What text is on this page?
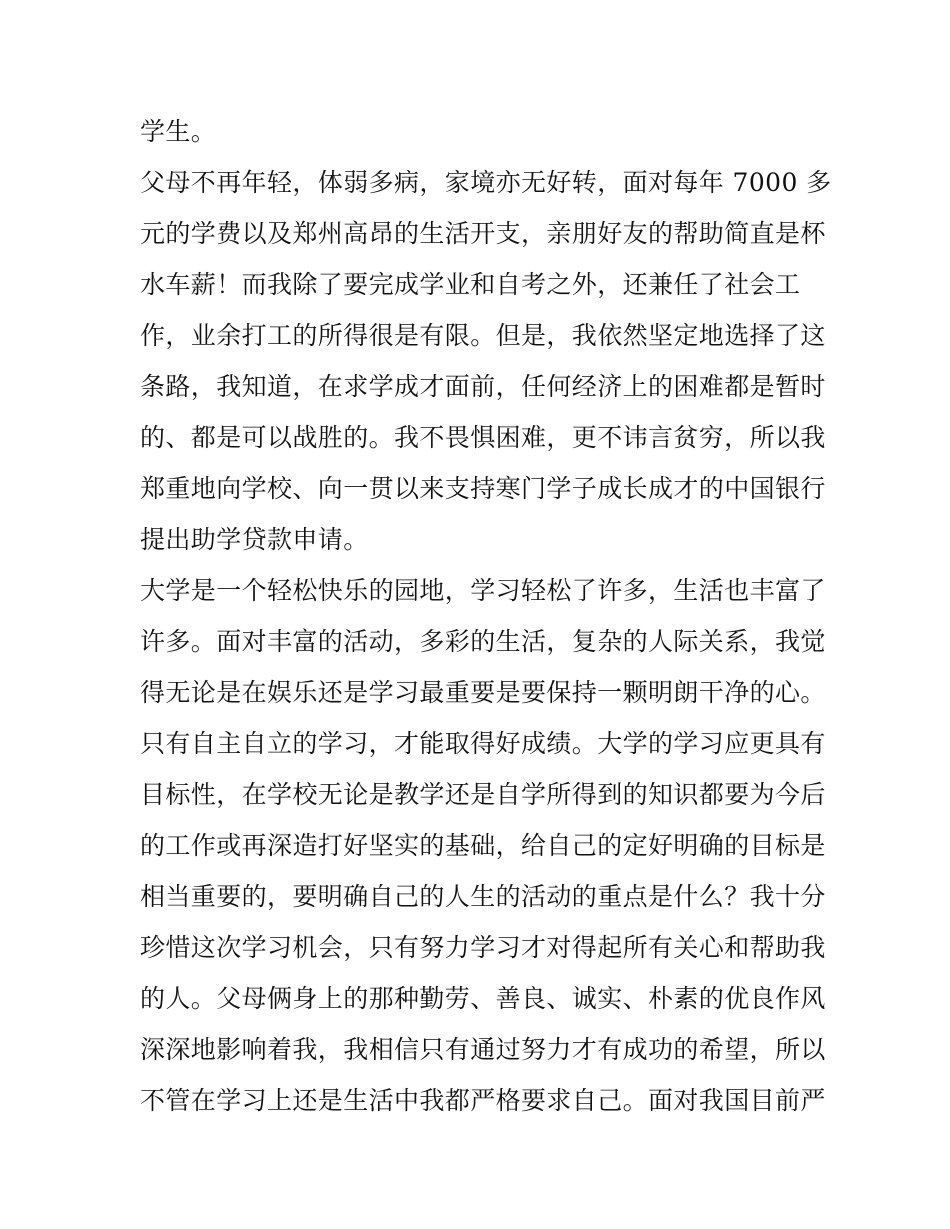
学生。
父母不再年轻，体弱多病，家境亦无好转，面对每年 7000 多
元的学费以及郑州高昂的生活开支，亲朋好友的帮助简直是杯
水车薪！而我除了要完成学业和自考之外，还兼任了社会工
作，业余打工的所得很是有限。但是，我依然坚定地选择了这
条路，我知道，在求学成才面前，任何经济上的困难都是暂时
的、都是可以战胜的。我不畏惧困难，更不讳言贫穷，所以我
郑重地向学校、向一贯以来支持寒门学子成长成才的中国银行
提出助学贷款申请。
大学是一个轻松快乐的园地，学习轻松了许多，生活也丰富了
许多。面对丰富的活动，多彩的生活，复杂的人际关系，我觉
得无论是在娱乐还是学习最重要是要保持一颗明朗干净的心。
只有自主自立的学习，才能取得好成绩。大学的学习应更具有
目标性，在学校无论是教学还是自学所得到的知识都要为今后
的工作或再深造打好坚实的基础，给自己的定好明确的目标是
相当重要的，要明确自己的人生的活动的重点是什么？我十分
珍惜这次学习机会，只有努力学习才对得起所有关心和帮助我
的人。父母俩身上的那种勤劳、善良、诚实、朴素的优良作风
深深地影响着我，我相信只有通过努力才有成功的希望，所以
不管在学习上还是生活中我都严格要求自己。面对我国目前严
